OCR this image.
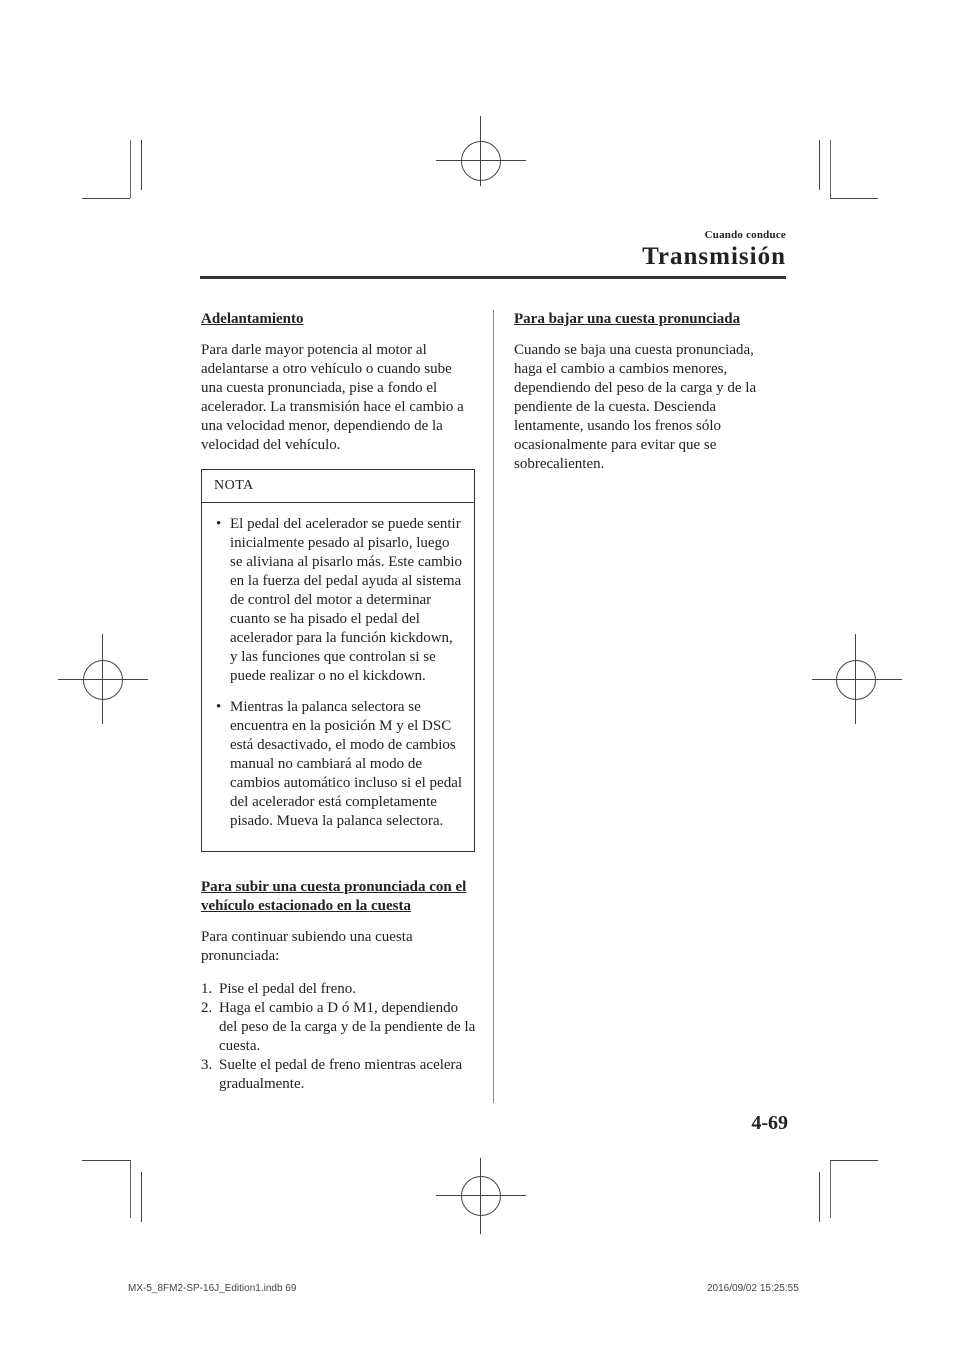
Cuando conduce
Transmisión
Adelantamiento
Para darle mayor potencia al motor al adelantarse a otro vehículo o cuando sube una cuesta pronunciada, pise a fondo el acelerador. La transmisión hace el cambio a una velocidad menor, dependiendo de la velocidad del vehículo.
NOTA
• El pedal del acelerador se puede sentir inicialmente pesado al pisarlo, luego se aliviana al pisarlo más. Este cambio en la fuerza del pedal ayuda al sistema de control del motor a determinar cuanto se ha pisado el pedal del acelerador para la función kickdown, y las funciones que controlan si se puede realizar o no el kickdown.
• Mientras la palanca selectora se encuentra en la posición M y el DSC está desactivado, el modo de cambios manual no cambiará al modo de cambios automático incluso si el pedal del acelerador está completamente pisado. Mueva la palanca selectora.
Para subir una cuesta pronunciada con el vehículo estacionado en la cuesta
Para continuar subiendo una cuesta pronunciada:
1. Pise el pedal del freno.
2. Haga el cambio a D ó M1, dependiendo del peso de la carga y de la pendiente de la cuesta.
3. Suelte el pedal de freno mientras acelera gradualmente.
Para bajar una cuesta pronunciada
Cuando se baja una cuesta pronunciada, haga el cambio a cambios menores, dependiendo del peso de la carga y de la pendiente de la cuesta. Descienda lentamente, usando los frenos sólo ocasionalmente para evitar que se sobrecalienten.
4-69
MX-5_8FM2-SP-16J_Edition1.indb 69	2016/09/02 15:25:55
